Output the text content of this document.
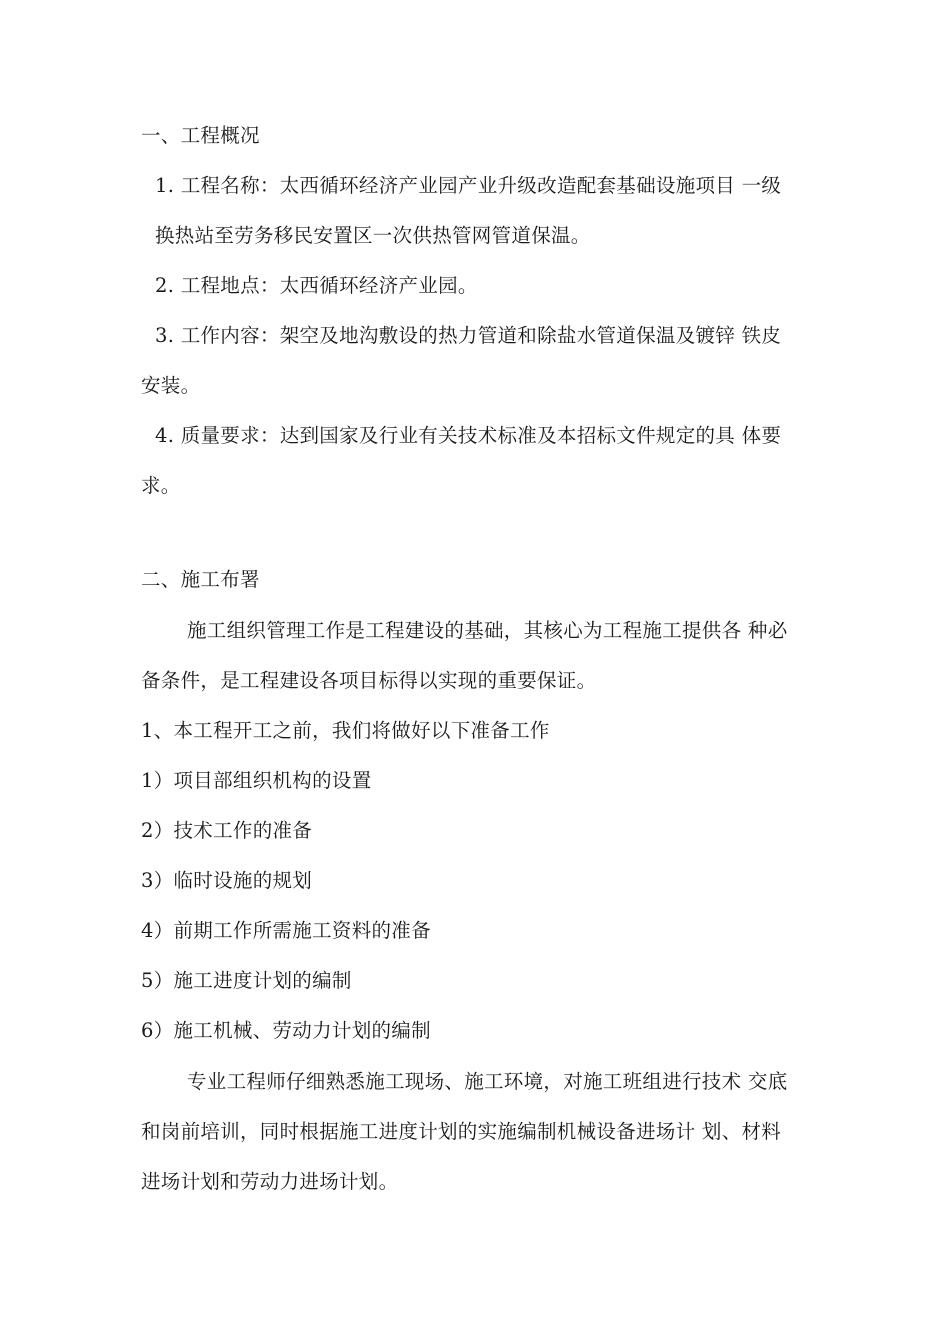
一、工程概况
1. 工程名称：太西循环经济产业园产业升级改造配套基础设施项目 一级
换热站至劳务移民安置区一次供热管网管道保温。
2. 工程地点：太西循环经济产业园。
3. 工作内容：架空及地沟敷设的热力管道和除盐水管道保温及镀锌 铁皮
安装。
4. 质量要求：达到国家及行业有关技术标准及本招标文件规定的具 体要
求。
二、施工布署
施工组织管理工作是工程建设的基础，其核心为工程施工提供各 种必
备条件，是工程建设各项目标得以实现的重要保证。
1、本工程开工之前，我们将做好以下准备工作
1）项目部组织机构的设置
2）技术工作的准备
3）临时设施的规划
4）前期工作所需施工资料的准备
5）施工进度计划的编制
6）施工机械、劳动力计划的编制
专业工程师仔细熟悉施工现场、施工环境，对施工班组进行技术 交底
和岗前培训，同时根据施工进度计划的实施编制机械设备进场计 划、材料
进场计划和劳动力进场计划。
